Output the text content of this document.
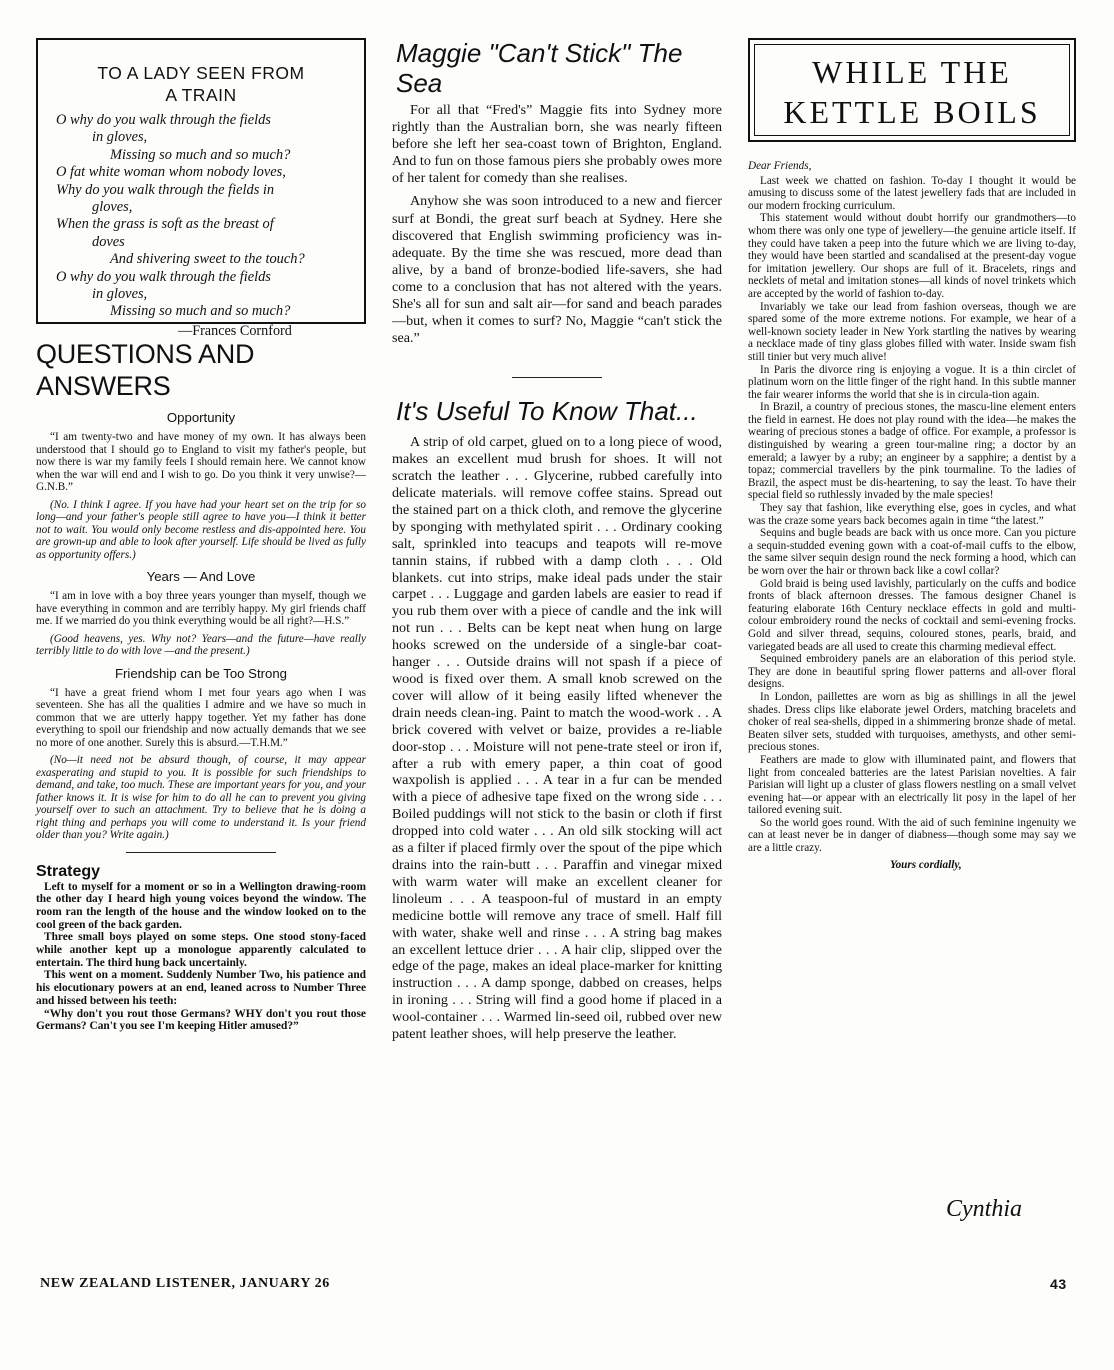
TO A LADY SEEN FROM
A TRAIN

O why do you walk through the fields

in gloves,

Missing so much and so much?

O fat white woman whom nobody loves,

Why do you walk through the fields in

gloves,

When the grass is soft as the breast of

doves

And shivering sweet to the touch?

O why do you walk through the fields

in gloves,

Missing so much and so much?

—Frances Cornford

QUESTIONS AND ANSWERS
Opportunity

“I am twenty-two and have money of my own. It has always been understood that I should go to England to visit my father's people, but now there is war my family feels I should remain here. We cannot know when the war will end and I wish to go. Do you think it very unwise?—G.N.B.”

(No. I think I agree. If you have had your heart set on the trip for so long—and your father's people still agree to have you—I think it better not to wait. You would only become restless and dis-appointed here. You are grown-up and able to look after yourself. Life should be lived as fully as opportunity offers.)

Years — And Love

“I am in love with a boy three years younger than myself, though we have everything in common and are terribly happy. My girl friends chaff me. If we married do you think everything would be all right?—H.S.”

(Good heavens, yes. Why not? Years—and the future—have really terribly little to do with love —and the present.)

Friendship can be Too Strong

“I have a great friend whom I met four years ago when I was seventeen. She has all the qualities I admire and we have so much in common that we are utterly happy together. Yet my father has done everything to spoil our friendship and now actually demands that we see no more of one another. Surely this is absurd.—T.H.M.”

(No—it need not be absurd though, of course, it may appear exasperating and stupid to you. It is possible for such friendships to demand, and take, too much. These are important years for you, and your father knows it. It is wise for him to do all he can to prevent you giving yourself over to such an attachment. Try to believe that he is doing a right thing and perhaps you will come to understand it. Is your friend older than you? Write again.)

Strategy

Left to myself for a moment or so in a Wellington drawing-room the other day I heard high young voices beyond the window. The room ran the length of the house and the window looked on to the cool green of the back garden.

Three small boys played on some steps. One stood stony-faced while another kept up a monologue apparently calculated to entertain. The third hung back uncertainly.

This went on a moment. Suddenly Number Two, his patience and his elocutionary powers at an end, leaned across to Number Three and hissed between his teeth:

“Why don't you rout those Germans? WHY don't you rout those Germans? Can't you see I'm keeping Hitler amused?”

Maggie "Can't Stick" The Sea

For all that “Fred's” Maggie fits into Sydney more rightly than the Australian born, she was nearly fifteen before she left her sea-coast town of Brighton, England. And to fun on those famous piers she probably owes more of her talent for comedy than she realises.

Anyhow she was soon introduced to a new and fiercer surf at Bondi, the great surf beach at Sydney. Here she discovered that English swimming proficiency was in-adequate. By the time she was rescued, more dead than alive, by a band of bronze-bodied life-savers, she had come to a conclusion that has not altered with the years. She's all for sun and salt air—for sand and beach parades —but, when it comes to surf? No, Maggie “can't stick the sea.”

It's Useful To Know That...

A strip of old carpet, glued on to a long piece of wood, makes an excellent mud brush for shoes. It will not scratch the leather . . . Glycerine, rubbed carefully into delicate materials. will remove coffee stains. Spread out the stained part on a thick cloth, and remove the glycerine by sponging with methylated spirit . . . Ordinary cooking salt, sprinkled into teacups and teapots will re-move tannin stains, if rubbed with a damp cloth . . . Old blankets. cut into strips, make ideal pads under the stair carpet . . . Luggage and garden labels are easier to read if you rub them over with a piece of candle and the ink will not run . . . Belts can be kept neat when hung on large hooks screwed on the underside of a single-bar coat-hanger . . . Outside drains will not spash if a piece of wood is fixed over them. A small knob screwed on the cover will allow of it being easily lifted whenever the drain needs clean-ing. Paint to match the wood-work . . A brick covered with velvet or baize, provides a re-liable door-stop . . . Moisture will not pene-trate steel or iron if, after a rub with emery paper, a thin coat of good waxpolish is applied . . . A tear in a fur can be mended with a piece of adhesive tape fixed on the wrong side . . . Boiled puddings will not stick to the basin or cloth if first dropped into cold water . . . An old silk stocking will act as a filter if placed firmly over the spout of the pipe which drains into the rain-butt . . . Paraffin and vinegar mixed with warm water will make an excellent cleaner for linoleum . . . A teaspoon-ful of mustard in an empty medicine bottle will remove any trace of smell. Half fill with water, shake well and rinse . . . A string bag makes an excellent lettuce drier . . . A hair clip, slipped over the edge of the page, makes an ideal place-marker for knitting instruction . . . A damp sponge, dabbed on creases, helps in ironing . . . String will find a good home if placed in a wool-container . . . Warmed lin-seed oil, rubbed over new patent leather shoes, will help preserve the leather.

WHILE THE
KETTLE BOILS
Dear Friends,

Last week we chatted on fashion. To-day I thought it would be amusing to discuss some of the latest jewellery fads that are included in our modern frocking curriculum.

This statement would without doubt horrify our grandmothers—to whom there was only one type of jewellery—the genuine article itself. If they could have taken a peep into the future which we are living to-day, they would have been startled and scandalised at the present-day vogue for imitation jewellery. Our shops are full of it. Bracelets, rings and necklets of metal and imitation stones—all kinds of novel trinkets which are accepted by the world of fashion to-day.

Invariably we take our lead from fashion overseas, though we are spared some of the more extreme notions. For example, we hear of a well-known society leader in New York startling the natives by wearing a necklace made of tiny glass globes filled with water. Inside swam fish still tinier but very much alive!

In Paris the divorce ring is enjoying a vogue. It is a thin circlet of platinum worn on the little finger of the right hand. In this subtle manner the fair wearer informs the world that she is in circula-tion again.

In Brazil, a country of precious stones, the mascu-line element enters the field in earnest. He does not play round with the idea—he makes the wearing of precious stones a badge of office. For example, a professor is distinguished by wearing a green tour-maline ring; a doctor by an emerald; a lawyer by a ruby; an engineer by a sapphire; a dentist by a topaz; commercial travellers by the pink tourmaline. To the ladies of Brazil, the aspect must be dis-heartening, to say the least. To have their special field so ruthlessly invaded by the male species!

They say that fashion, like everything else, goes in cycles, and what was the craze some years back becomes again in time “the latest.”

Sequins and bugle beads are back with us once more. Can you picture a sequin-studded evening gown with a coat-of-mail cuffs to the elbow, the same silver sequin design round the neck forming a hood, which can be worn over the hair or thrown back like a cowl collar?

Gold braid is being used lavishly, particularly on the cuffs and bodice fronts of black afternoon dresses. The famous designer Chanel is featuring elaborate 16th Century necklace effects in gold and multi-colour embroidery round the necks of cocktail and semi-evening frocks. Gold and silver thread, sequins, coloured stones, pearls, braid, and variegated beads are all used to create this charming medieval effect.

Sequined embroidery panels are an elaboration of this period style. They are done in beautiful spring flower patterns and all-over floral designs.

In London, paillettes are worn as big as shillings in all the jewel shades. Dress clips like elaborate jewel Orders, matching bracelets and choker of real sea-shells, dipped in a shimmering bronze shade of metal. Beaten silver sets, studded with turquoises, amethysts, and other semi-precious stones.

Feathers are made to glow with illuminated paint, and flowers that light from concealed batteries are the latest Parisian novelties. A fair Parisian will light up a cluster of glass flowers nestling on a small velvet evening hat—or appear with an electrically lit posy in the lapel of her tailored evening suit.

So the world goes round. With the aid of such feminine ingenuity we can at least never be in danger of diabness—though some may say we are a little crazy.

Yours cordially,
Cynthia
NEW ZEALAND LISTENER, JANUARY 26	43
